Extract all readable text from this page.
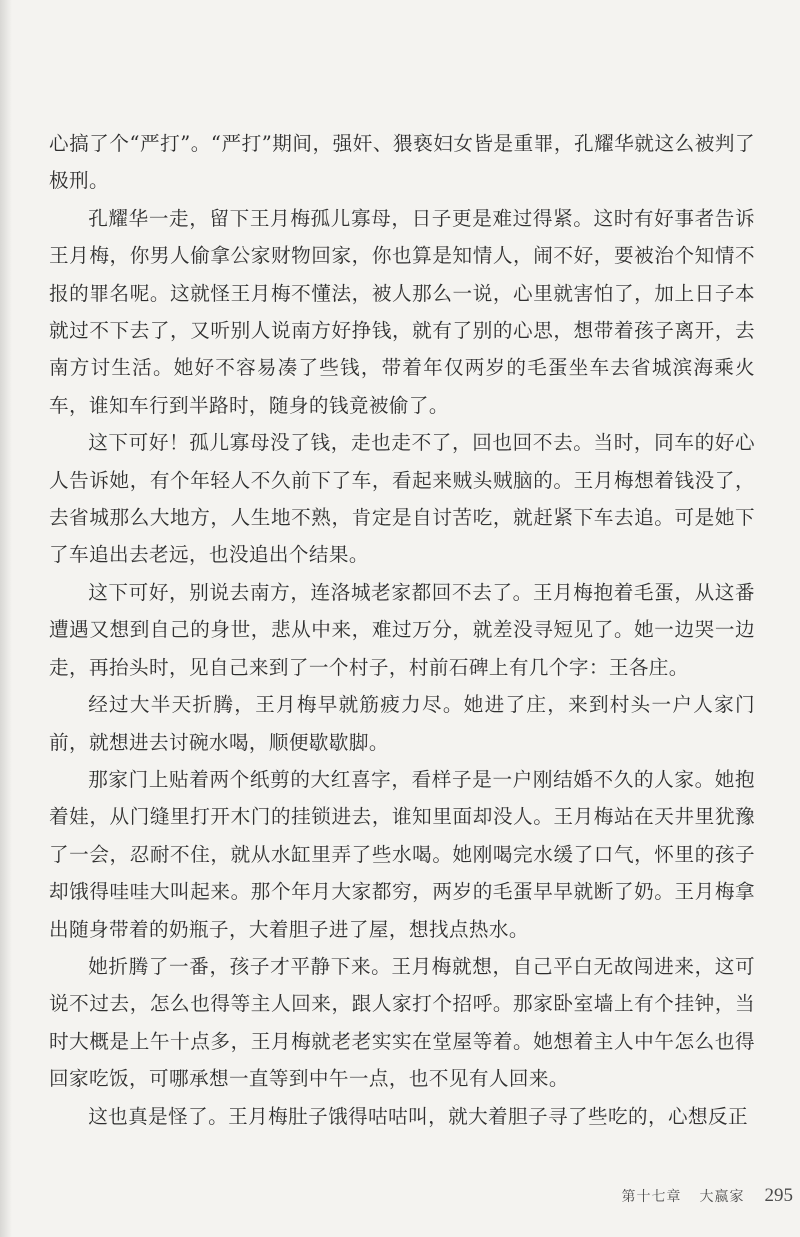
心搞了个“严打”。“严打”期间，强奸、猥亵妇女皆是重罪，孔耀华就这么被判了极刑。

孔耀华一走，留下王月梅孤儿寡母，日子更是难过得紧。这时有好事者告诉王月梅，你男人偷拿公家财物回家，你也算是知情人，闹不好，要被治个知情不报的罪名呢。这就怪王月梅不懂法，被人那么一说，心里就害怕了，加上日子本就过不下去了，又听别人说南方好挣钱，就有了别的心思，想带着孩子离开，去南方讨生活。她好不容易凑了些钱，带着年仅两岁的毛蛋坐车去省城滨海乘火车，谁知车行到半路时，随身的钱竟被偷了。

这下可好！孤儿寡母没了钱，走也走不了，回也回不去。当时，同车的好心人告诉她，有个年轻人不久前下了车，看起来贼头贼脑的。王月梅想着钱没了，去省城那么大地方，人生地不熟，肯定是自讨苦吃，就赶紧下车去追。可是她下了车追出去老远，也没追出个结果。

这下可好，别说去南方，连洛城老家都回不去了。王月梅抱着毛蛋，从这番遭遇又想到自己的身世，悲从中来，难过万分，就差没寻短见了。她一边哭一边走，再抬头时，见自己来到了一个村子，村前石碑上有几个字：王各庄。

经过大半天折腾，王月梅早就筋疲力尽。她进了庄，来到村头一户人家门前，就想进去讨碗水喝，顺便歇歇脚。

那家门上贴着两个纸剪的大红喜字，看样子是一户刚结婚不久的人家。她抱着娃，从门缝里打开木门的挂锁进去，谁知里面却没人。王月梅站在天井里犹豫了一会，忍耐不住，就从水缸里弄了些水喝。她刚喝完水缓了口气，怀里的孩子却饿得哇哇大叫起来。那个年月大家都穷，两岁的毛蛋早早就断了奶。王月梅拿出随身带着的奶瓶子，大着胆子进了屋，想找点热水。

她折腾了一番，孩子才平静下来。王月梅就想，自己平白无故闯进来，这可说不过去，怎么也得等主人回来，跟人家打个招呼。那家卧室墙上有个挂钟，当时大概是上午十点多，王月梅就老老实实在堂屋等着。她想着主人中午怎么也得回家吃饭，可哪承想一直等到中午一点，也不见有人回来。

这也真是怪了。王月梅肚子饿得咕咕叫，就大着胆子寻了些吃的，心想反正

第十七章 大嬴家 295
